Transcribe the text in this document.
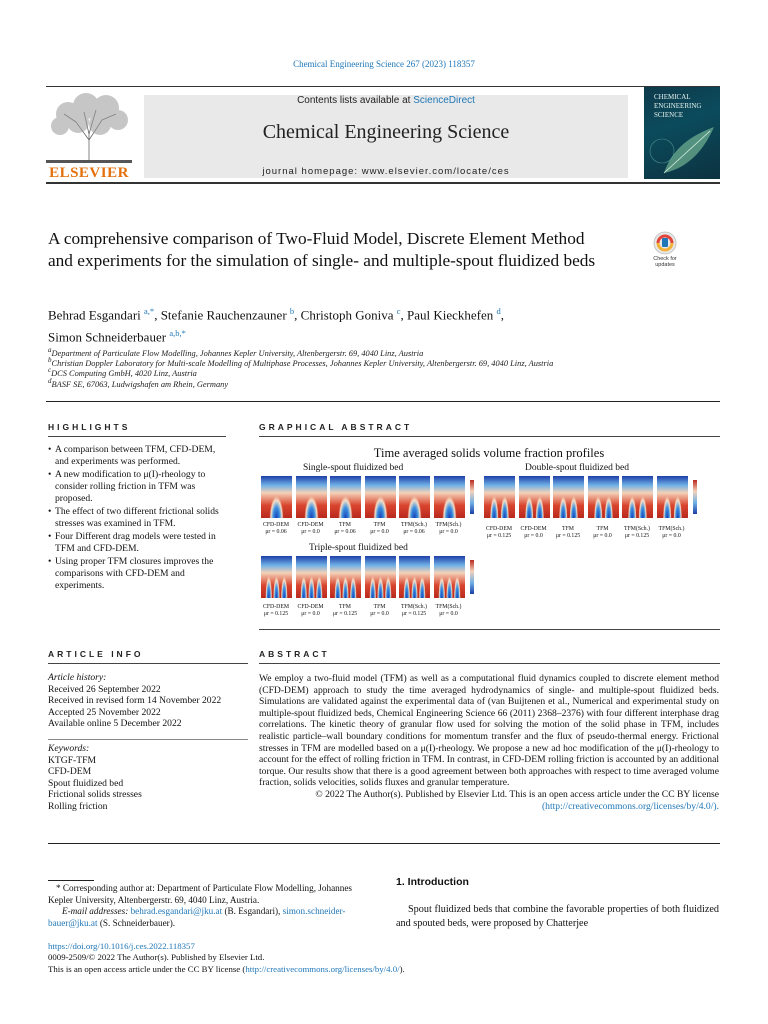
Chemical Engineering Science 267 (2023) 118357
ELSEVIER
Contents lists available at ScienceDirect
Chemical Engineering Science
journal homepage: www.elsevier.com/locate/ces
CHEMICAL
ENGINEERING
SCIENCE
A comprehensive comparison of Two-Fluid Model, Discrete Element Method and experiments for the simulation of single- and multiple-spout fluidized beds	Check for
updates
Behrad Esgandari $^{a,*}$, Stefanie Rauchenzauner $^b$, Christoph Goniva $^c$, Paul Kieckhefen $^d$,
Simon Schneiderbauer $^{a,b,*}$
$^a$Department of Particulate Flow Modelling, Johannes Kepler University, Altenbergerstr. 69, 4040 Linz, Austria
$^b$Christian Doppler Laboratory for Multi-scale Modelling of Multiphase Processes, Johannes Kepler University, Altenbergerstr. 69, 4040 Linz, Austria
$^c$DCS Computing GmbH, 4020 Linz, Austria
$^d$BASF SE, 67063, Ludwigshafen am Rhein, Germany
HIGHLIGHTS
• A comparison between TFM, CFD-DEM, and experiments was performed.
• A new modification to μ(I)-rheology to consider rolling friction in TFM was proposed.
• The effect of two different frictional solids stresses was examined in TFM.
• Four Different drag models were tested in TFM and CFD-DEM.
• Using proper TFM closures improves the comparisons with CFD-DEM and experiments.
GRAPHICAL ABSTRACT
Time averaged solids volume fraction profiles
Single-spout fluidized bed	Double-spout fluidized bed
Triple-spout fluidized bed
CFD-DEM
μr = 0.06
CFD-DEM
μr = 0.0
TFM
μr = 0.06
TFM
μr = 0.0
TFM(Sch.)
μr = 0.06
TFM(Sch.)
μr = 0.0	CFD-DEM
μr = 0.125
CFD-DEM
μr = 0.0
TFM
μr = 0.125
TFM
μr = 0.0
TFM(Sch.)
μr = 0.125
TFM(Sch.)
μr = 0.0
CFD-DEM
μr = 0.125
CFD-DEM
μr = 0.0
TFM
μr = 0.125
TFM
μr = 0.0
TFM(Sch.)
μr = 0.125
TFM(Sch.)
μr = 0.0
ARTICLE INFO
Article history:
Received 26 September 2022
Received in revised form 14 November 2022
Accepted 25 November 2022
Available online 5 December 2022
Keywords:
KTGF-TFM
CFD-DEM
Spout fluidized bed
Frictional solids stresses
Rolling friction
ABSTRACT
We employ a two-fluid model (TFM) as well as a computational fluid dynamics coupled to discrete element method (CFD-DEM) approach to study the time averaged hydrodynamics of single- and multiple-spout fluidized beds. Simulations are validated against the experimental data of (van Buijtenen et al., Numerical and experimental study on multiple-spout fluidized beds, Chemical Engineering Science 66 (2011) 2368–2376) with four different interphase drag correlations. The kinetic theory of granular flow used for solving the motion of the solid phase in TFM, includes realistic particle–wall boundary conditions for momentum transfer and the flux of pseudo-thermal energy. Frictional stresses in TFM are modelled based on a μ(I)-rheology. We propose a new ad hoc modification of the μ(I)-rheology to account for the effect of rolling friction in TFM. In contrast, in CFD-DEM rolling friction is accounted by an additional torque. Our results show that there is a good agreement between both approaches with respect to time averaged volume fraction, solids velocities, solids fluxes and granular temperature.
© 2022 The Author(s). Published by Elsevier Ltd. This is an open access article under the CC BY license
(http://creativecommons.org/licenses/by/4.0/).
* Corresponding author at: Department of Particulate Flow Modelling, Johannes Kepler University, Altenbergerstr. 69, 4040 Linz, Austria.
E-mail addresses: behrad.esgandari@jku.at (B. Esgandari), simon.schneider-bauer@jku.at (S. Schneiderbauer).
https://doi.org/10.1016/j.ces.2022.118357
0009-2509/© 2022 The Author(s). Published by Elsevier Ltd.
This is an open access article under the CC BY license (http://creativecommons.org/licenses/by/4.0/).
1. Introduction
Spout fluidized beds that combine the favorable properties of both fluidized and spouted beds, were proposed by Chatterjee
